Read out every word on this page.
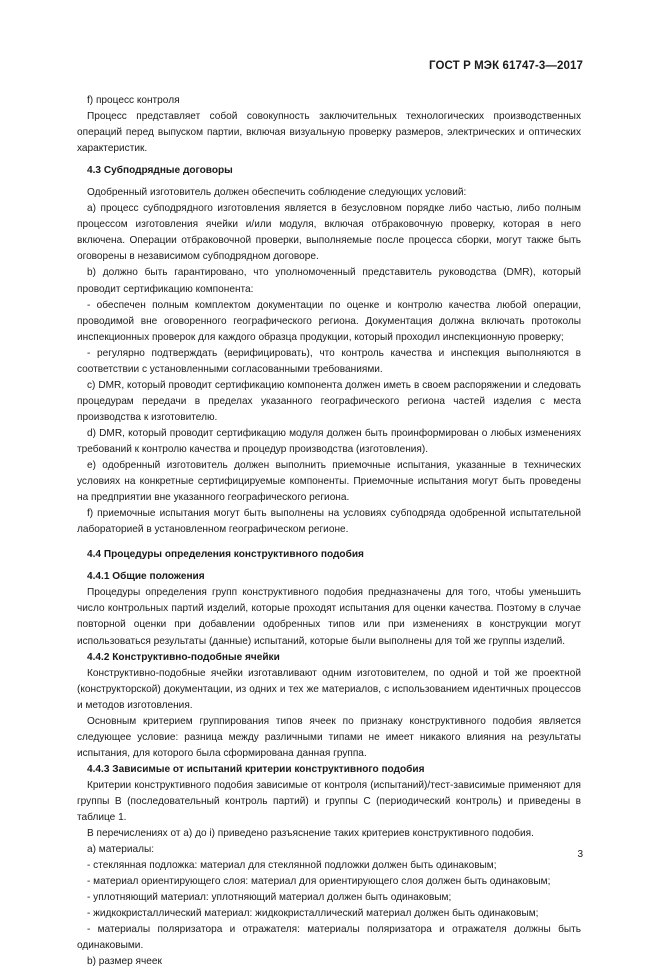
ГОСТ Р МЭК 61747-3—2017

f) процесс контроля

Процесс представляет собой совокупность заключительных технологических производственных операций перед выпуском партии, включая визуальную проверку размеров, электрических и оптических характеристик.

4.3 Субподрядные договоры

Одобренный изготовитель должен обеспечить соблюдение следующих условий:

а) процесс субподрядного изготовления является в безусловном порядке либо частью, либо полным процессом изготовления ячейки и/или модуля, включая отбраковочную проверку, которая в него включена. Операции отбраковочной проверки, выполняемые после процесса сборки, могут также быть оговорены в независимом субподрядном договоре.

b) должно быть гарантировано, что уполномоченный представитель руководства (DMR), который проводит сертификацию компонента:

- обеспечен полным комплектом документации по оценке и контролю качества любой операции, проводимой вне оговоренного географического региона. Документация должна включать протоколы инспекционных проверок для каждого образца продукции, который проходил инспекционную проверку;

- регулярно подтверждать (верифицировать), что контроль качества и инспекция выполняются в соответствии с установленными согласованными требованиями.

с) DMR, который проводит сертификацию компонента должен иметь в своем распоряжении и следовать процедурам передачи в пределах указанного географического региона частей изделия с места производства к изготовителю.

d) DMR, который проводит сертификацию модуля должен быть проинформирован о любых изменениях требований к контролю качества и процедур производства (изготовления).

е) одобренный изготовитель должен выполнить приемочные испытания, указанные в технических условиях на конкретные сертифицируемые компоненты. Приемочные испытания могут быть проведены на предприятии вне указанного географического региона.

f) приемочные испытания могут быть выполнены на условиях субподряда одобренной испытательной лабораторией в установленном географическом регионе.

4.4 Процедуры определения конструктивного подобия

4.4.1 Общие положения

Процедуры определения групп конструктивного подобия предназначены для того, чтобы уменьшить число контрольных партий изделий, которые проходят испытания для оценки качества. Поэтому в случае повторной оценки при добавлении одобренных типов или при изменениях в конструкции могут использоваться результаты (данные) испытаний, которые были выполнены для той же группы изделий.

4.4.2 Конструктивно-подобные ячейки

Конструктивно-подобные ячейки изготавливают одним изготовителем, по одной и той же проектной (конструкторской) документации, из одних и тех же материалов, с использованием идентичных процессов и методов изготовления.

Основным критерием группирования типов ячеек по признаку конструктивного подобия является следующее условие: разница между различными типами не имеет никакого влияния на результаты испытания, для которого была сформирована данная группа.

4.4.3 Зависимые от испытаний критерии конструктивного подобия

Критерии конструктивного подобия зависимые от контроля (испытаний)/тест-зависимые применяют для группы В (последовательный контроль партий) и группы С (периодический контроль) и приведены в таблице 1.

В перечислениях от а) до i) приведено разъяснение таких критериев конструктивного подобия.

а) материалы:

- стеклянная подложка: материал для стеклянной подложки должен быть одинаковым;

- материал ориентирующего слоя: материал для ориентирующего слоя должен быть одинаковым;

- уплотняющий материал: уплотняющий материал должен быть одинаковым;

- жидкокристаллический материал: жидкокристаллический материал должен быть одинаковым;

- материалы поляризатора и отражателя: материалы поляризатора и отражателя должны быть одинаковыми.

b) размер ячеек

3
